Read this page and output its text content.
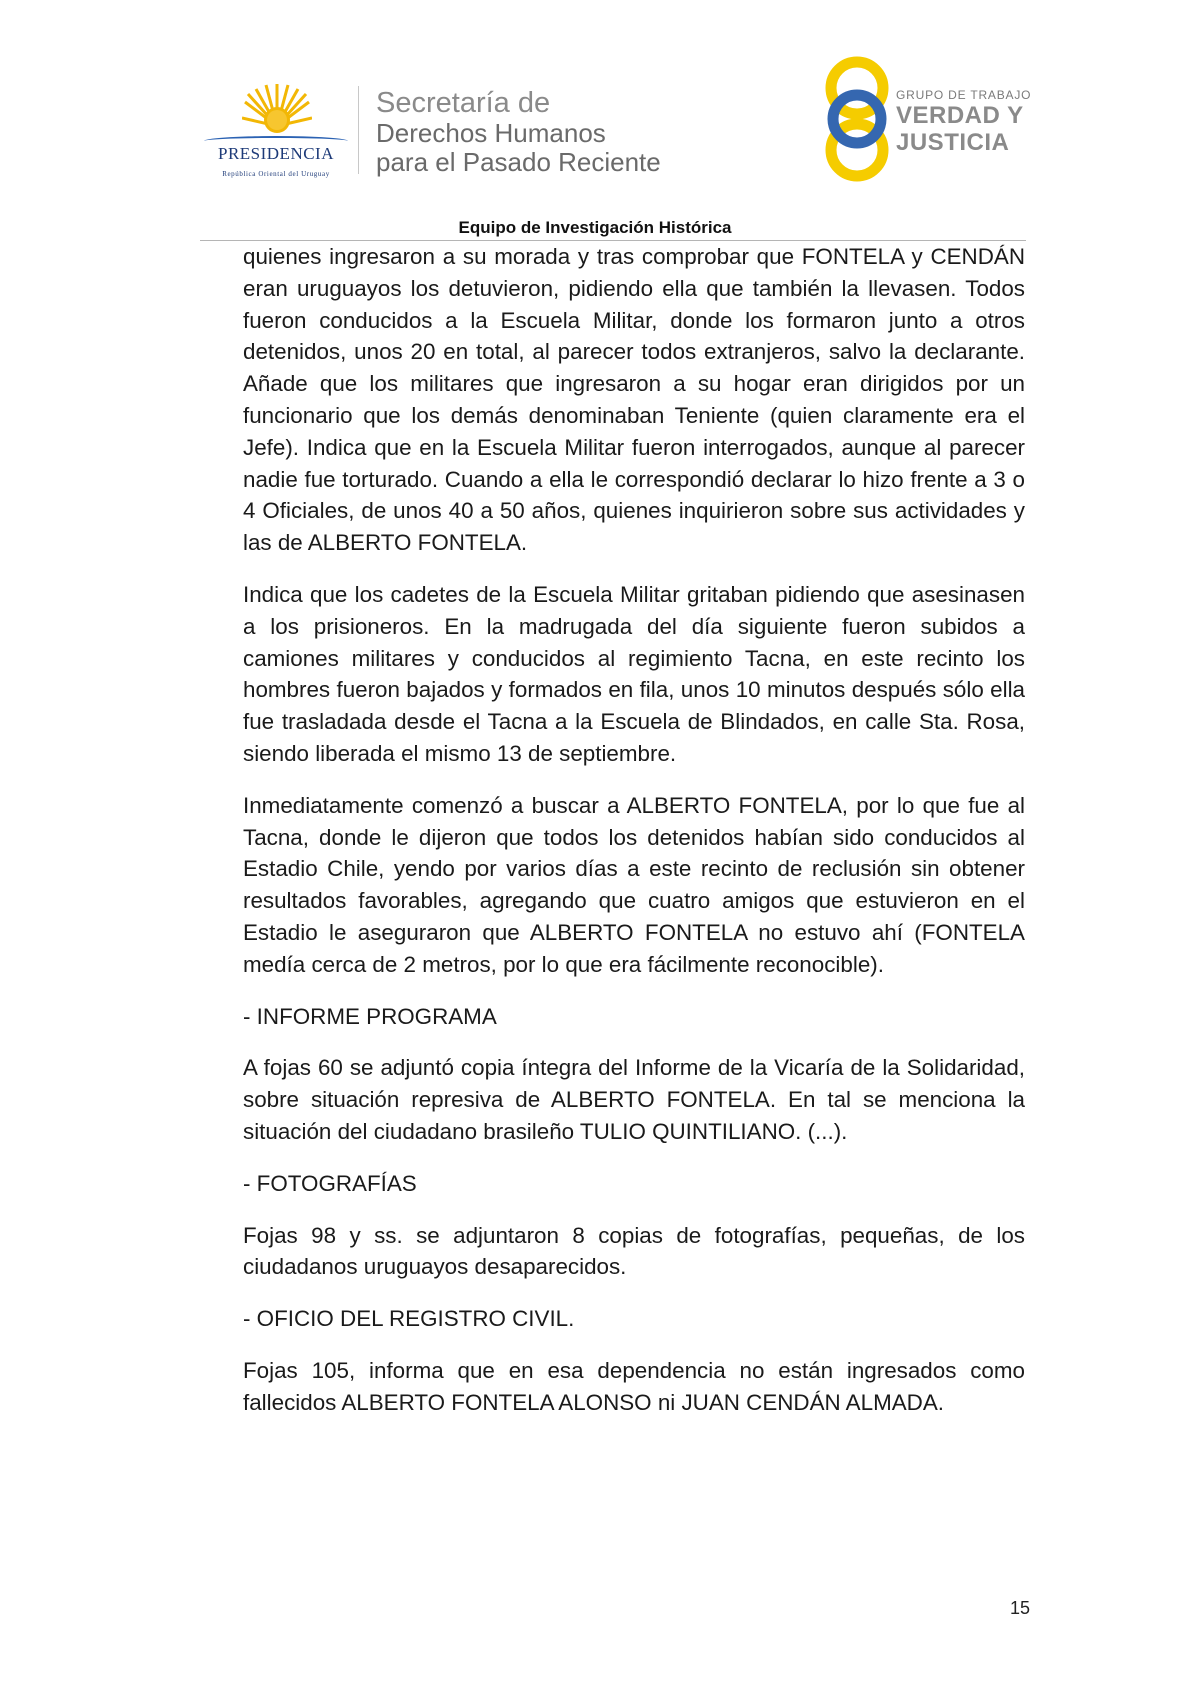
PRESIDENCIA
República Oriental del Uruguay
Secretaría de
Derechos Humanos
para el Pasado Reciente
GRUPO DE TRABAJO
VERDAD Y
JUSTICIA
Equipo de Investigación Histórica

quienes ingresaron a su morada y tras comprobar que FONTELA y CENDÁN eran uruguayos los detuvieron, pidiendo ella que también la llevasen. Todos fueron conducidos a la Escuela Militar, donde los formaron junto a otros detenidos, unos 20 en total, al parecer todos extranjeros, salvo la declarante. Añade que los militares que ingresaron a su hogar eran dirigidos por un funcionario que los demás denominaban Teniente (quien claramente era el Jefe). Indica que en la Escuela Militar fueron interrogados, aunque al parecer nadie fue torturado. Cuando a ella le correspondió declarar lo hizo frente a 3 o 4 Oficiales, de unos 40 a 50 años, quienes inquirieron sobre sus actividades y las de ALBERTO FONTELA.

Indica que los cadetes de la Escuela Militar gritaban pidiendo que asesinasen a los prisioneros. En la madrugada del día siguiente fueron subidos a camiones militares y conducidos al regimiento Tacna, en este recinto los hombres fueron bajados y formados en fila, unos 10 minutos después sólo ella fue trasladada desde el Tacna a la Escuela de Blindados, en calle Sta. Rosa, siendo liberada el mismo 13 de septiembre.

Inmediatamente comenzó a buscar a ALBERTO FONTELA, por lo que fue al Tacna, donde le dijeron que todos los detenidos habían sido conducidos al Estadio Chile, yendo por varios días a este recinto de reclusión sin obtener resultados favorables, agregando que cuatro amigos que estuvieron en el Estadio le aseguraron que ALBERTO FONTELA no estuvo ahí (FONTELA medía cerca de 2 metros, por lo que era fácilmente reconocible).

- INFORME PROGRAMA

A fojas 60 se adjuntó copia íntegra del Informe de la Vicaría de la Solidaridad, sobre situación represiva de ALBERTO FONTELA. En tal se menciona la situación del ciudadano brasileño TULIO QUINTILIANO. (...).

- FOTOGRAFÍAS

Fojas 98 y ss. se adjuntaron 8 copias de fotografías, pequeñas, de los ciudadanos uruguayos desaparecidos.

- OFICIO DEL REGISTRO CIVIL.

Fojas 105, informa que en esa dependencia no están ingresados como fallecidos ALBERTO FONTELA ALONSO ni JUAN CENDÁN ALMADA.

15
